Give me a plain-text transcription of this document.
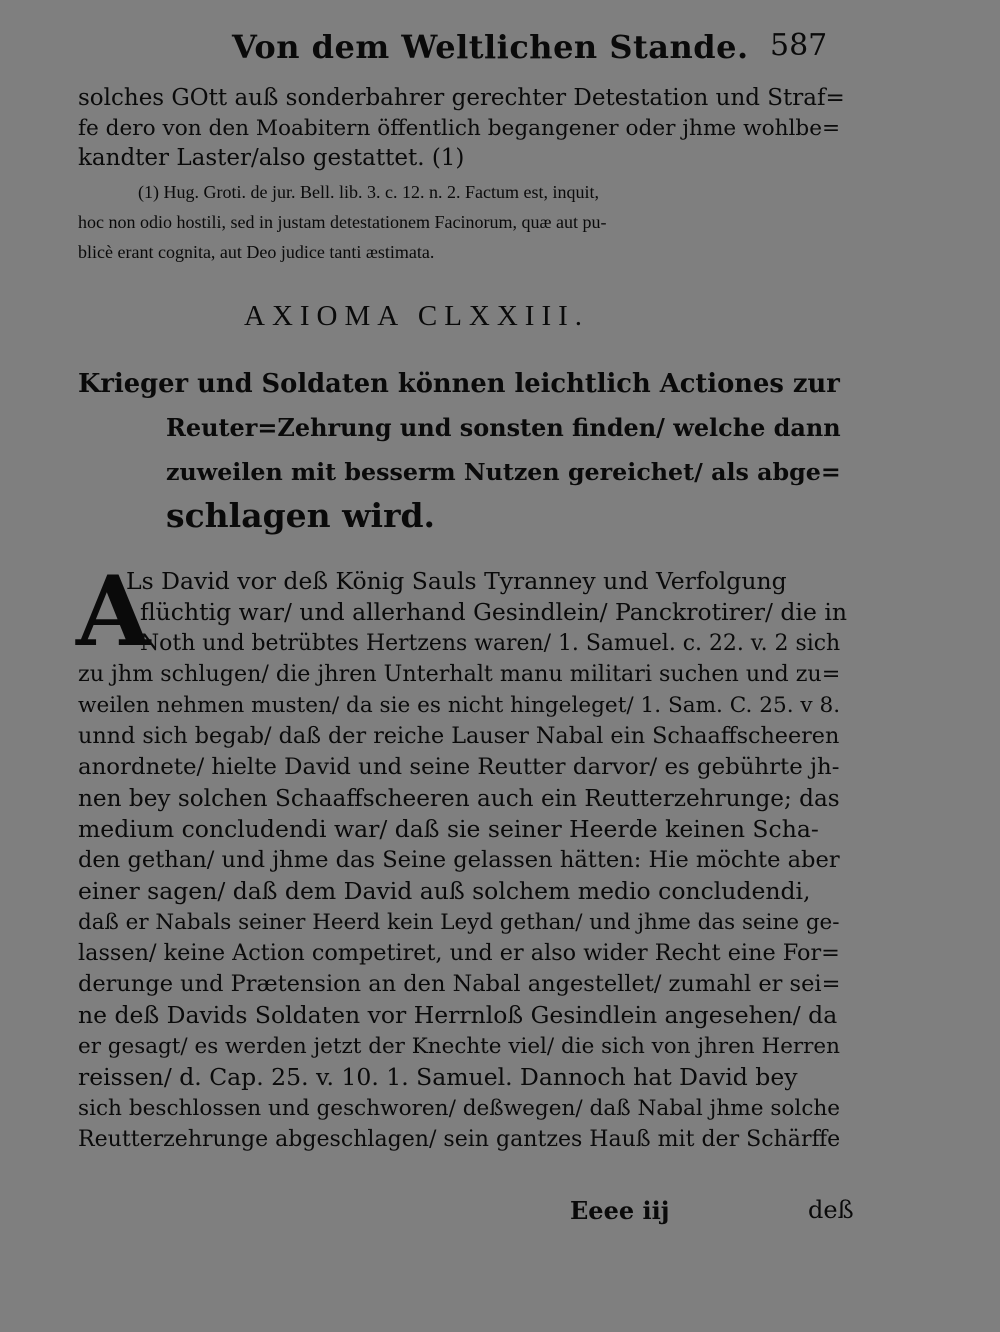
Von dem Weltlichen Stande. 587
solches GOtt auß sonderbahrer gerechter Detestation und Straf=
fe dero von den Moabitern öffentlich begangener oder jhme wohlbe=
kandter Laster/also gestattet. (1)
(1) Hug. Groti. de jur. Bell. lib. 3. c. 12. n. 2. Factum est, inquit,
hoc non odio hostili, sed in justam detestationem Facinorum, quæ aut pu-
blicè erant cognita, aut Deo judice tanti æstimata.
AXIOMA CLXXIII.
Krieger und Soldaten können leichtlich Actiones zur
Reuter=Zehrung und sonsten finden/ welche dann
zuweilen mit besserm Nutzen gereichet/ als abge=
schlagen wird.
A
Ls David vor deß König Sauls Tyranney und Verfolgung
flüchtig war/ und allerhand Gesindlein/ Panckrotirer/ die in
Noth und betrübtes Hertzens waren/ 1. Samuel. c. 22. v. 2 sich
zu jhm schlugen/ die jhren Unterhalt manu militari suchen und zu=
weilen nehmen musten/ da sie es nicht hingeleget/ 1. Sam. C. 25. v 8.
unnd sich begab/ daß der reiche Lauser Nabal ein Schaaffscheeren
anordnete/ hielte David und seine Reutter darvor/ es gebührte jh-
nen bey solchen Schaaffscheeren auch ein Reutterzehrunge; das
medium concludendi war/ daß sie seiner Heerde keinen Scha-
den gethan/ und jhme das Seine gelassen hätten: Hie möchte aber
einer sagen/ daß dem David auß solchem medio concludendi,
daß er Nabals seiner Heerd kein Leyd gethan/ und jhme das seine ge-
lassen/ keine Action competiret, und er also wider Recht eine For=
derunge und Prætension an den Nabal angestellet/ zumahl er sei=
ne deß Davids Soldaten vor Herrnloß Gesindlein angesehen/ da
er gesagt/ es werden jetzt der Knechte viel/ die sich von jhren Herren
reissen/ d. Cap. 25. v. 10. 1. Samuel. Dannoch hat David bey
sich beschlossen und geschworen/ deßwegen/ daß Nabal jhme solche
Reutterzehrunge abgeschlagen/ sein gantzes Hauß mit der Schärffe
Eeee iij	deß
